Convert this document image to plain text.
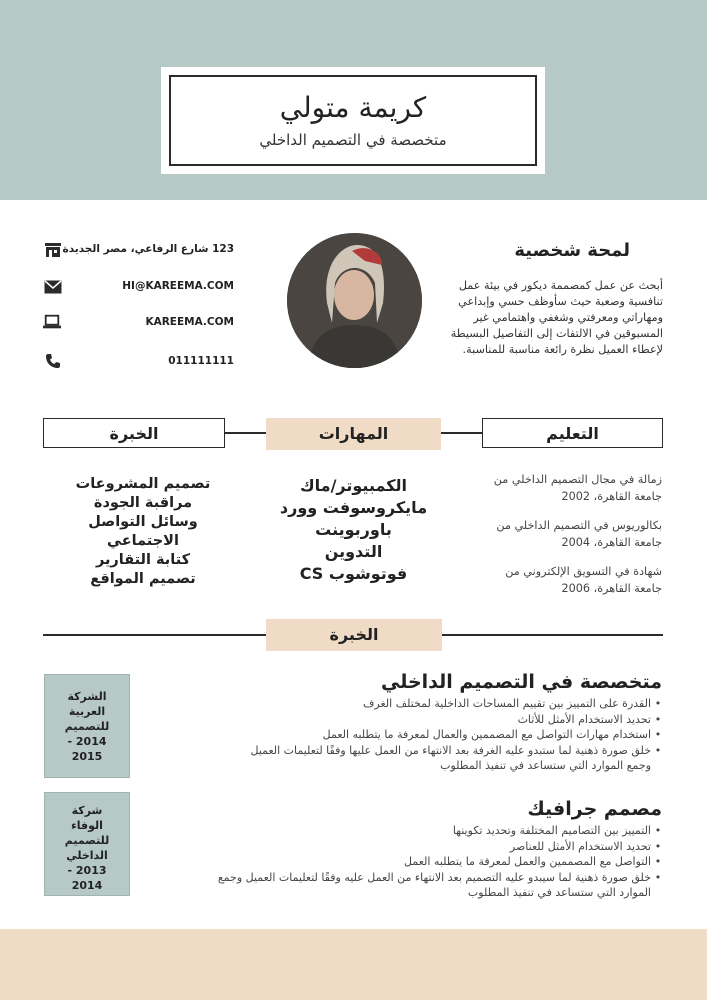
كريمة متولي
متخصصة في التصميم الداخلي
123 شارع الرفاعي، مصر الجديدة
HI@KAREEMA.COM
KAREEMA.COM
011111111
لمحة شخصية
أبحث عن عمل كمصممة ديكور في بيئة عمل تنافسية وصعبة حيث سأوظف حسي وإبداعي ومهاراتي ومعرفتي وشغفي واهتمامي غير المسبوقين في الالتفات إلى التفاصيل البسيطة لإعطاء العميل نظرة رائعة مناسبة للمناسبة.
الخبرة	المهارات	التعليم
تصميم المشروعات
مراقبة الجودة
وسائل التواصل
الاجتماعي
كتابة التقارير
تصميم المواقع
الكمبيوتر/ماك
مايكروسوفت وورد
باوربوينت
التدوين
فوتوشوب CS
زمالة في مجال التصميم الداخلي من
جامعة القاهرة، 2002
بكالوريوس في التصميم الداخلي من
جامعة القاهرة، 2004
شهادة في التسويق الإلكتروني من
جامعة القاهرة، 2006
الخبرة
الشركة
العربية
للتصميم
2014 -
2015
متخصصة في التصميم الداخلي
•
القدرة على التمييز بين تقييم المساحات الداخلية لمختلف الغرف
•
تحديد الاستخدام الأمثل للأثاث
•
استخدام مهارات التواصل مع المصممين والعمال لمعرفة ما يتطلبه العمل
•
خلق صورة ذهنية لما ستبدو عليه الغرفة بعد الانتهاء من العمل عليها وفقًا لتعليمات العميل
وجمع الموارد التي ستساعد في تنفيذ المطلوب
شركة
الوفاء
للتصميم
الداخلي
2013 -
2014
مصمم جرافيك
•
التمييز بين التصاميم المختلفة وتحديد تكوينها
•
تحديد الاستخدام الأمثل للعناصر
•
التواصل مع المصممين والعمل لمعرفة ما يتطلبه العمل
•
خلق صورة ذهنية لما سيبدو عليه التصميم بعد الانتهاء من العمل عليه وفقًا لتعليمات العميل وجمع
الموارد التي ستساعد في تنفيذ المطلوب
